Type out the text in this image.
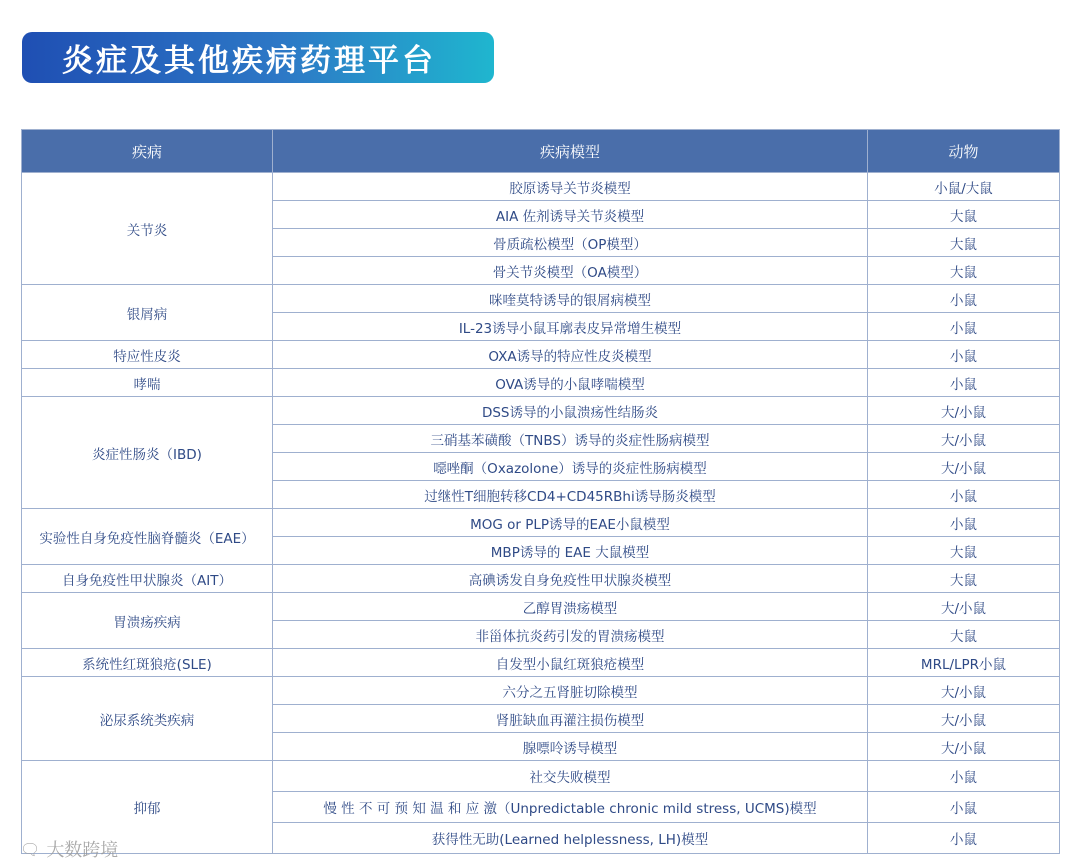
炎症及其他疾病药理平台
疾病	疾病模型	动物
关节炎	胶原诱导关节炎模型	小鼠/大鼠
	AIA 佐剂诱导关节炎模型	大鼠
	骨质疏松模型（OP模型）	大鼠
	骨关节炎模型（OA模型）	大鼠
银屑病	咪喹莫特诱导的银屑病模型	小鼠
	IL-23诱导小鼠耳廓表皮异常增生模型	小鼠
特应性皮炎	OXA诱导的特应性皮炎模型	小鼠
哮喘	OVA诱导的小鼠哮喘模型	小鼠
炎症性肠炎（IBD)	DSS诱导的小鼠溃疡性结肠炎	大/小鼠
	三硝基苯磺酸（TNBS）诱导的炎症性肠病模型	大/小鼠
	噁唑酮（Oxazolone）诱导的炎症性肠病模型	大/小鼠
	过继性T细胞转移CD4+CD45RBhi诱导肠炎模型	小鼠
实验性自身免疫性脑脊髓炎（EAE）	MOG or PLP诱导的EAE小鼠模型	小鼠
	MBP诱导的 EAE 大鼠模型	大鼠
自身免疫性甲状腺炎（AIT）	高碘诱发自身免疫性甲状腺炎模型	大鼠
胃溃疡疾病	乙醇胃溃疡模型	大/小鼠
	非甾体抗炎药引发的胃溃疡模型	大鼠
系统性红斑狼疮(SLE)	自发型小鼠红斑狼疮模型	MRL/LPR小鼠
泌尿系统类疾病	六分之五肾脏切除模型	大/小鼠
	肾脏缺血再灌注损伤模型	大/小鼠
	腺嘌呤诱导模型	大/小鼠
抑郁	社交失败模型	小鼠
	慢 性 不 可 预 知 温 和 应 激（Unpredictable chronic mild stress, UCMS)模型	小鼠
	获得性无助(Learned helplessness, LH)模型	小鼠
🗨 大数跨境
